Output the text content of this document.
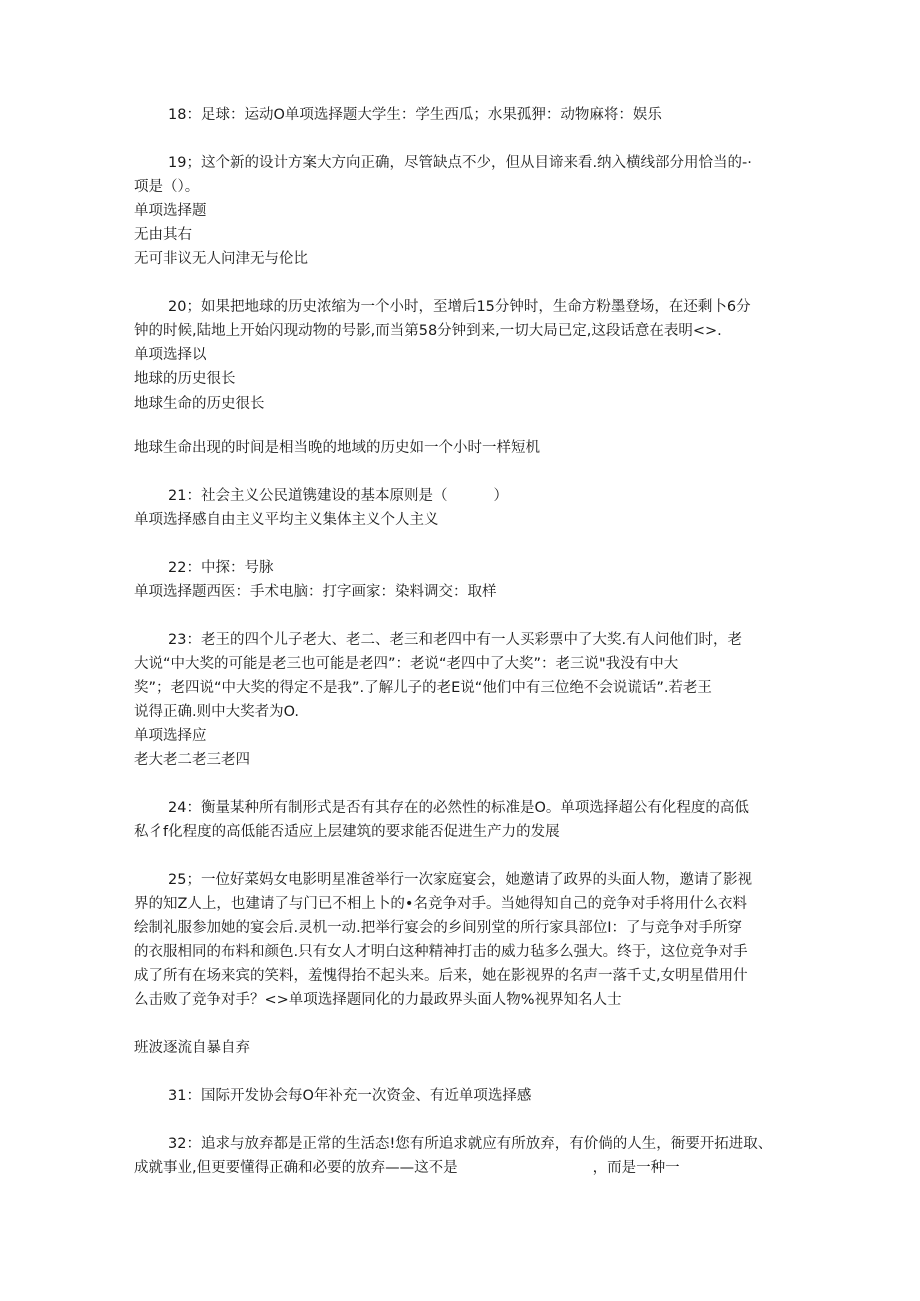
18：足球：运动O单项选择题大学生：学生西瓜；水果孤狎：动物麻将：娱乐
19；这个新的设计方案大方向正确，尽管缺点不少，但从目谛来看.纳入横线部分用恰当的-·
项是（）。
单项选择题
无由其右
无可非议无人问津无与伦比
20；如果把地球的历史浓缩为一个小时，至增后15分钟时，生命方粉墨登场，在还剩卜6分
钟的时候,陆地上开始闪现动物的号影,而当第58分钟到来,一切大局已定,这段话意在表明<>.
单项选择以
地球的历史很长
地球生命的历史很长
地球生命出现的时间是相当晚的地域的历史如一个小时一样短机
21：社会主义公民道镌建设的基本原则是（	）
单项选择感自由主义平均主义集体主义个人主义
22：中探：号脉
单项选择题西医：手术电脑：打字画家：染料调交：取样
23：老王的四个儿子老大、老二、老三和老四中有一人买彩票中了大奖.有人问他们时，老
大说“中大奖的可能是老三也可能是老四”：老说“老四中了大奖”：老三说"我没有中大
奖”；老四说“中大奖的得定不是我”.了解儿子的老E说“他们中有三位绝不会说谎话”.若老王
说得正确.则中大奖者为O.
单项选择应
老大老二老三老四
24：衡量某种所有制形式是否有其存在的必然性的标准是O。单项选择超公有化程度的高低
私彳f化程度的高低能否适应上层建筑的要求能否促进生产力的发展
25；一位好菜妈女电影明星准爸举行一次家庭宴会，她邀请了政界的头面人物，邀请了影视
界的知Z人上，也建请了与门已不相上卜的•名竞争对手。当她得知自己的竞争对手将用什么衣料
绘制礼服参加她的宴会后.灵机一动.把举行宴会的乡间别堂的所行家具部位I：了与竞争对手所穿
的衣服相同的布料和颜色.只有女人才明白这种精神打击的威力毡多么强大。终于，这位竞争对手
成了所有在场来宾的笑料，羞愧得抬不起头来。后来，她在影视界的名声一落千丈,女明星借用什
么击败了竞争对手？<>单项选择题同化的力最政界头面人物%视界知名人士
班波逐流自暴自弃
31：国际开发协会每O年补充一次资金、有近单项选择感
32：追求与放弃都是正常的生活态!您有所追求就应有所放弃，有价倘的人生，衙要开拓进取、
成就事业,但更要懂得正确和必要的放弃——这不是	，而是一种一
